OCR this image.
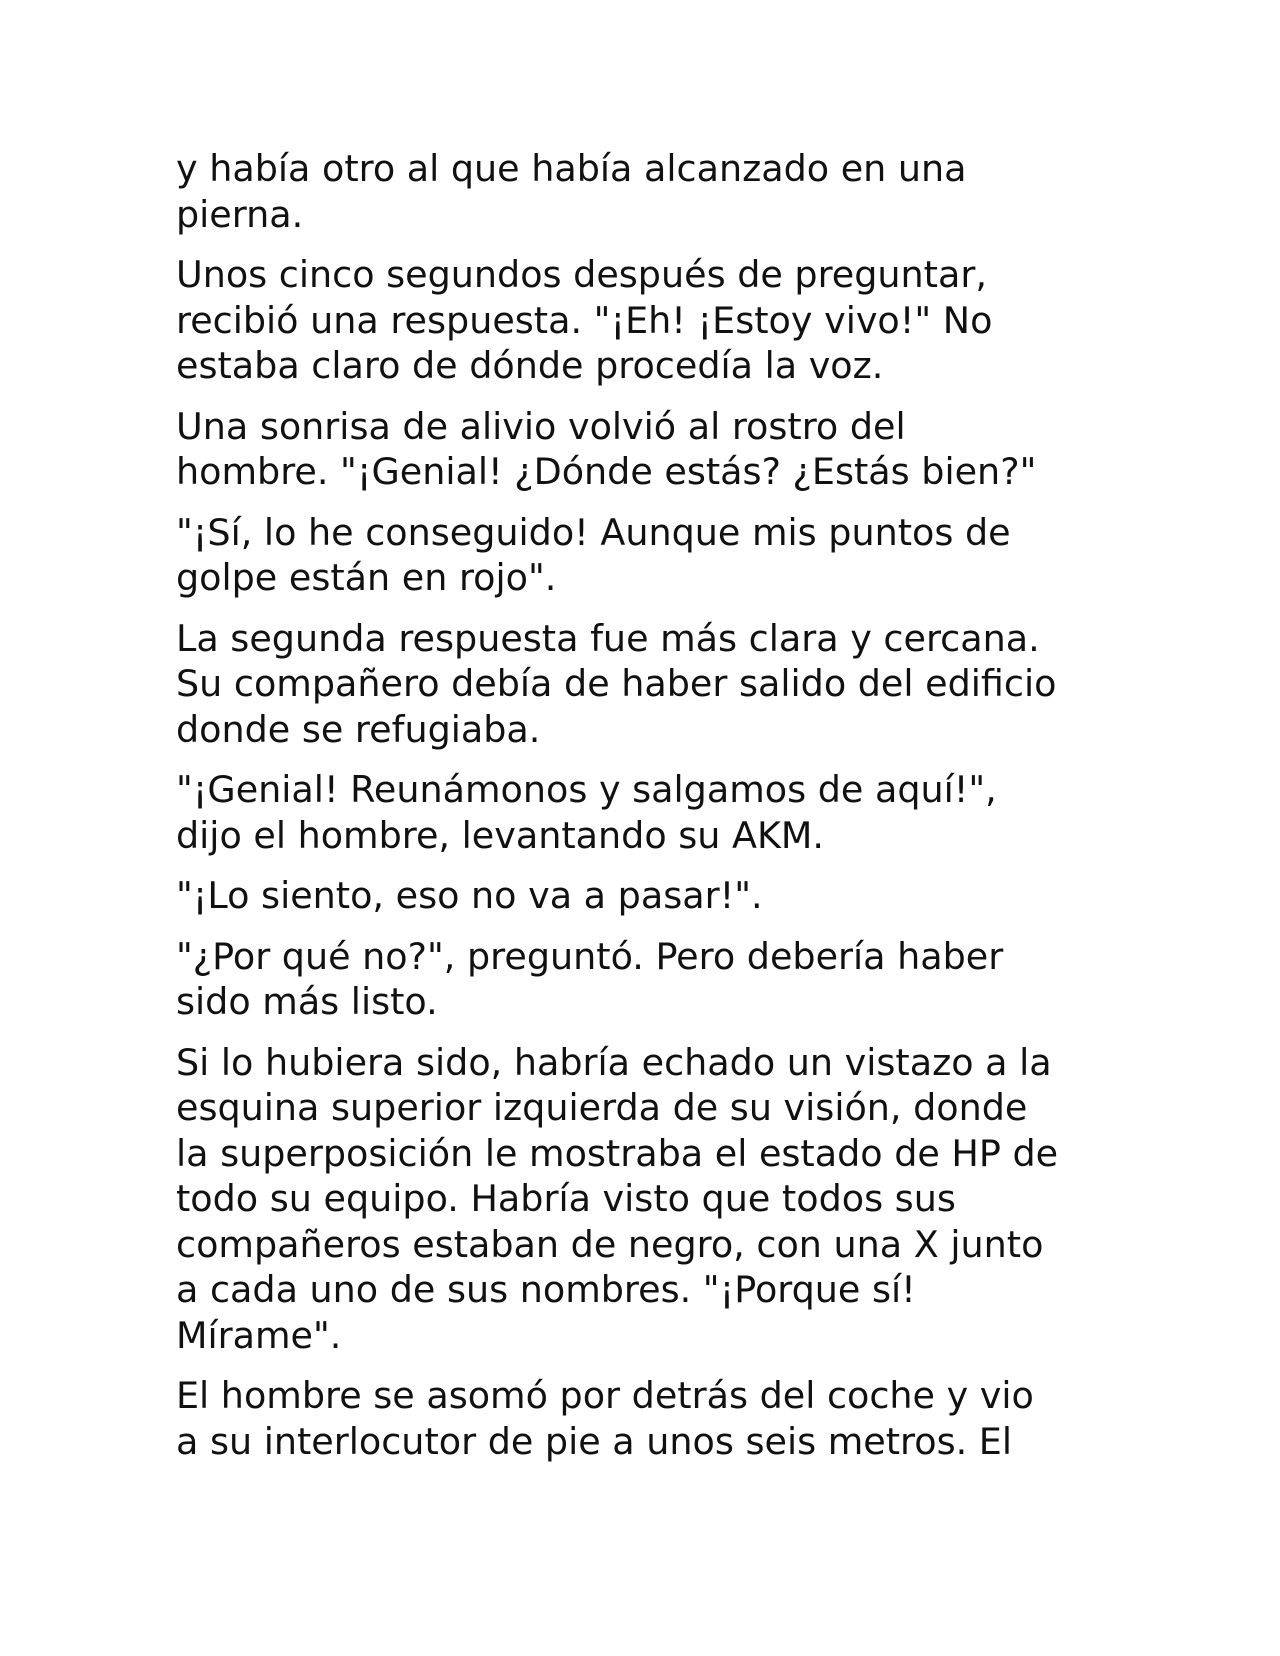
y había otro al que había alcanzado en una
pierna.

Unos cinco segundos después de preguntar,
recibió una respuesta. "¡Eh! ¡Estoy vivo!" No
estaba claro de dónde procedía la voz.

Una sonrisa de alivio volvió al rostro del
hombre. "¡Genial! ¿Dónde estás? ¿Estás bien?"

"¡Sí, lo he conseguido! Aunque mis puntos de
golpe están en rojo".

La segunda respuesta fue más clara y cercana.
Su compañero debía de haber salido del edificio
donde se refugiaba.

"¡Genial! Reunámonos y salgamos de aquí!",
dijo el hombre, levantando su AKM.

"¡Lo siento, eso no va a pasar!".

"¿Por qué no?", preguntó. Pero debería haber
sido más listo.

Si lo hubiera sido, habría echado un vistazo a la
esquina superior izquierda de su visión, donde
la superposición le mostraba el estado de HP de
todo su equipo. Habría visto que todos sus
compañeros estaban de negro, con una X junto
a cada uno de sus nombres. "¡Porque sí!
Mírame".

El hombre se asomó por detrás del coche y vio
a su interlocutor de pie a unos seis metros. El
